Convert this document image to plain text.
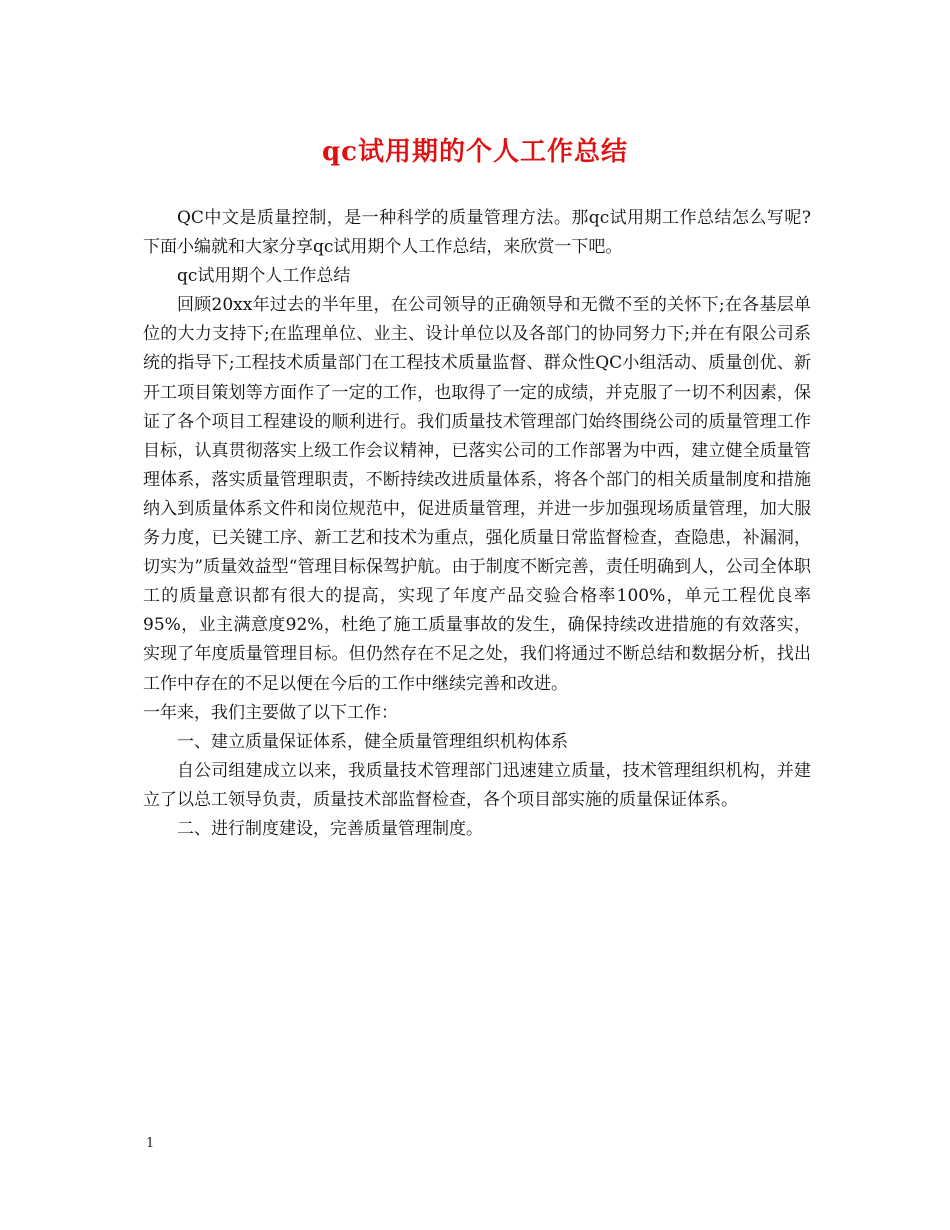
qc试用期的个人工作总结

QC中文是质量控制，是一种科学的质量管理方法。那qc试用期工作总结怎么写呢?下面小编就和大家分享qc试用期个人工作总结，来欣赏一下吧。

qc试用期个人工作总结

回顾20xx年过去的半年里，在公司领导的正确领导和无微不至的关怀下;在各基层单位的大力支持下;在监理单位、业主、设计单位以及各部门的协同努力下;并在有限公司系统的指导下;工程技术质量部门在工程技术质量监督、群众性QC小组活动、质量创优、新开工项目策划等方面作了一定的工作，也取得了一定的成绩，并克服了一切不利因素，保证了各个项目工程建设的顺利进行。我们质量技术管理部门始终围绕公司的质量管理工作目标，认真贯彻落实上级工作会议精神，已落实公司的工作部署为中西，建立健全质量管理体系，落实质量管理职责，不断持续改进质量体系，将各个部门的相关质量制度和措施纳入到质量体系文件和岗位规范中，促进质量管理，并进一步加强现场质量管理，加大服务力度，已关键工序、新工艺和技术为重点，强化质量日常监督检查，查隐患，补漏洞，切实为”质量效益型“管理目标保驾护航。由于制度不断完善，责任明确到人，公司全体职工的质量意识都有很大的提高，实现了年度产品交验合格率100%，单元工程优良率95%，业主满意度92%，杜绝了施工质量事故的发生，确保持续改进措施的有效落实，实现了年度质量管理目标。但仍然存在不足之处，我们将通过不断总结和数据分析，找出工作中存在的不足以便在今后的工作中继续完善和改进。

一年来，我们主要做了以下工作：

一、建立质量保证体系，健全质量管理组织机构体系

自公司组建成立以来，我质量技术管理部门迅速建立质量，技术管理组织机构，并建立了以总工领导负责，质量技术部监督检查，各个项目部实施的质量保证体系。

二、进行制度建设，完善质量管理制度。

1
